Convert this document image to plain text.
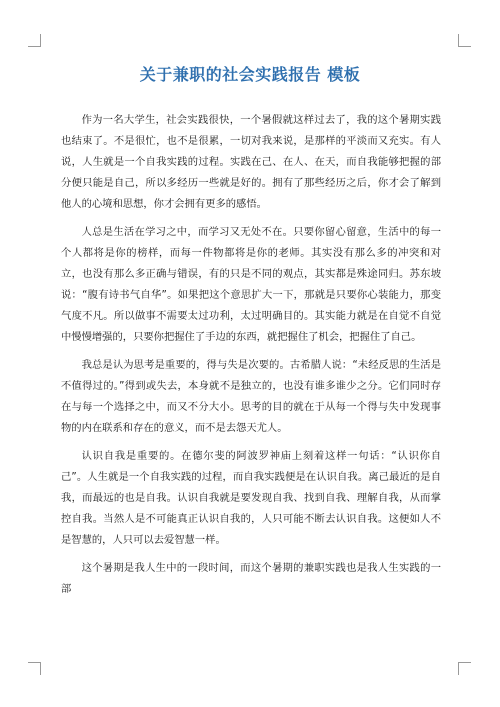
关于兼职的社会实践报告 模板

作为一名大学生，社会实践很快，一个暑假就这样过去了，我的这个暑期实践也结束了。不是很忙，也不是很累，一切对我来说，是那样的平淡而又充实。有人说，人生就是一个自我实践的过程。实践在己、在人、在天，而自我能够把握的部分便只能是自己，所以多经历一些就是好的。拥有了那些经历之后，你才会了解到他人的心境和思想，你才会拥有更多的感悟。

人总是生活在学习之中，而学习又无处不在。只要你留心留意，生活中的每一个人都将是你的榜样，而每一件物都将是你的老师。其实没有那么多的冲突和对立，也没有那么多正确与错误，有的只是不同的观点，其实都是殊途同归。苏东坡说：“腹有诗书气自华”。如果把这个意思扩大一下，那就是只要你心装能力，那变气度不凡。所以做事不需要太过功利，太过明确目的。其实能力就是在自觉不自觉中慢慢增强的，只要你把握住了手边的东西，就把握住了机会，把握住了自己。

我总是认为思考是重要的，得与失是次要的。古希腊人说：“未经反思的生活是不值得过的。”得到或失去，本身就不是独立的，也没有谁多谁少之分。它们同时存在与每一个选择之中，而又不分大小。思考的目的就在于从每一个得与失中发现事物的内在联系和存在的意义，而不是去怨天尤人。

认识自我是重要的。在德尔斐的阿波罗神庙上刻着这样一句话：“认识你自己”。人生就是一个自我实践的过程，而自我实践便是在认识自我。离己最近的是自我，而最远的也是自我。认识自我就是要发现自我、找到自我、理解自我，从而掌控自我。当然人是不可能真正认识自我的，人只可能不断去认识自我。这便如人不是智慧的，人只可以去爱智慧一样。

这个暑期是我人生中的一段时间，而这个暑期的兼职实践也是我人生实践的一部
